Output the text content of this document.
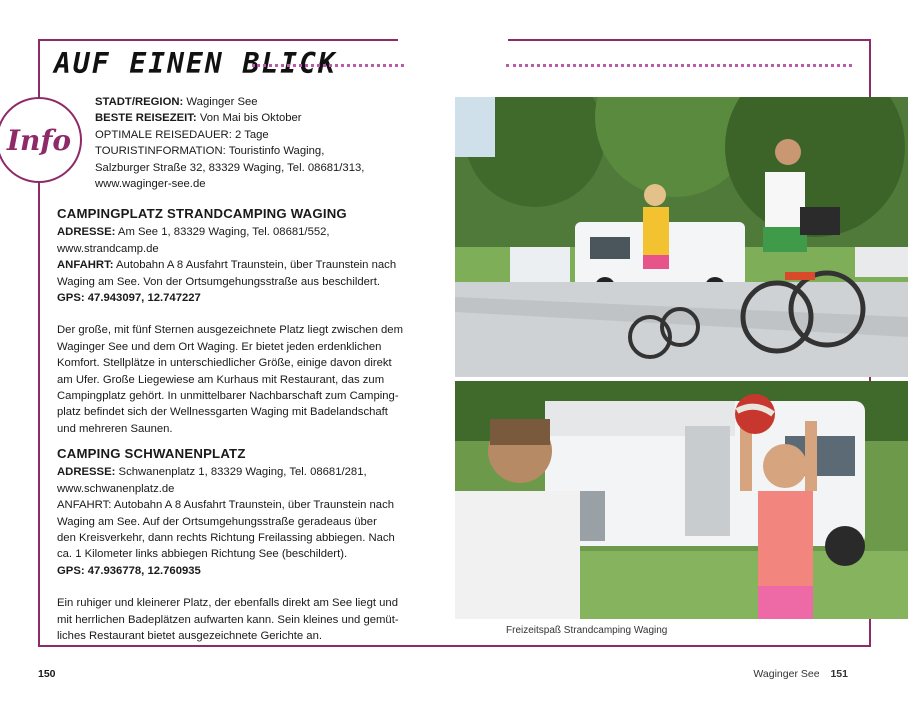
AUF EINEN BLICK
Info
STADT/REGION: Waginger See
BESTE REISEZEIT: Von Mai bis Oktober
OPTIMALE REISEDAUER: 2 Tage
TOURISTINFORMATION: Touristinfo Waging,
Salzburger Straße 32, 83329 Waging, Tel. 08681/313,
www.waginger-see.de
CAMPINGPLATZ STRANDCAMPING WAGING

ADRESSE: Am See 1, 83329 Waging, Tel. 08681/552,

www.strandcamp.de

ANFAHRT: Autobahn A 8 Ausfahrt Traunstein, über Traunstein nach

Waging am See. Von der Ortsumgehungsstraße aus beschildert.

GPS: 47.943097, 12.747227

Der große, mit fünf Sternen ausgezeichnete Platz liegt zwischen dem

Waginger See und dem Ort Waging. Er bietet jeden erdenklichen

Komfort. Stellplätze in unterschiedlicher Größe, einige davon direkt

am Ufer. Große Liegewiese am Kurhaus mit Restaurant, das zum

Campingplatz gehört. In unmittelbarer Nachbarschaft zum Camping-

platz befindet sich der Wellnessgarten Waging mit Badelandschaft

und mehreren Saunen.

CAMPING SCHWANENPLATZ

ADRESSE: Schwanenplatz 1, 83329 Waging, Tel. 08681/281,

www.schwanenplatz.de

ANFAHRT: Autobahn A 8 Ausfahrt Traunstein, über Traunstein nach

Waging am See. Auf der Ortsumgehungsstraße geradeaus über

den Kreisverkehr, dann rechts Richtung Freilassing abbiegen. Nach

ca. 1 Kilometer links abbiegen Richtung See (beschildert).

GPS: 47.936778, 12.760935

Ein ruhiger und kleinerer Platz, der ebenfalls direkt am See liegt und

mit herrlichen Badeplätzen aufwarten kann. Sein kleines und gemüt-

liches Restaurant bietet ausgezeichnete Gerichte an.	Freizeitspaß Strandcamping Waging
150	Waginger See 151
